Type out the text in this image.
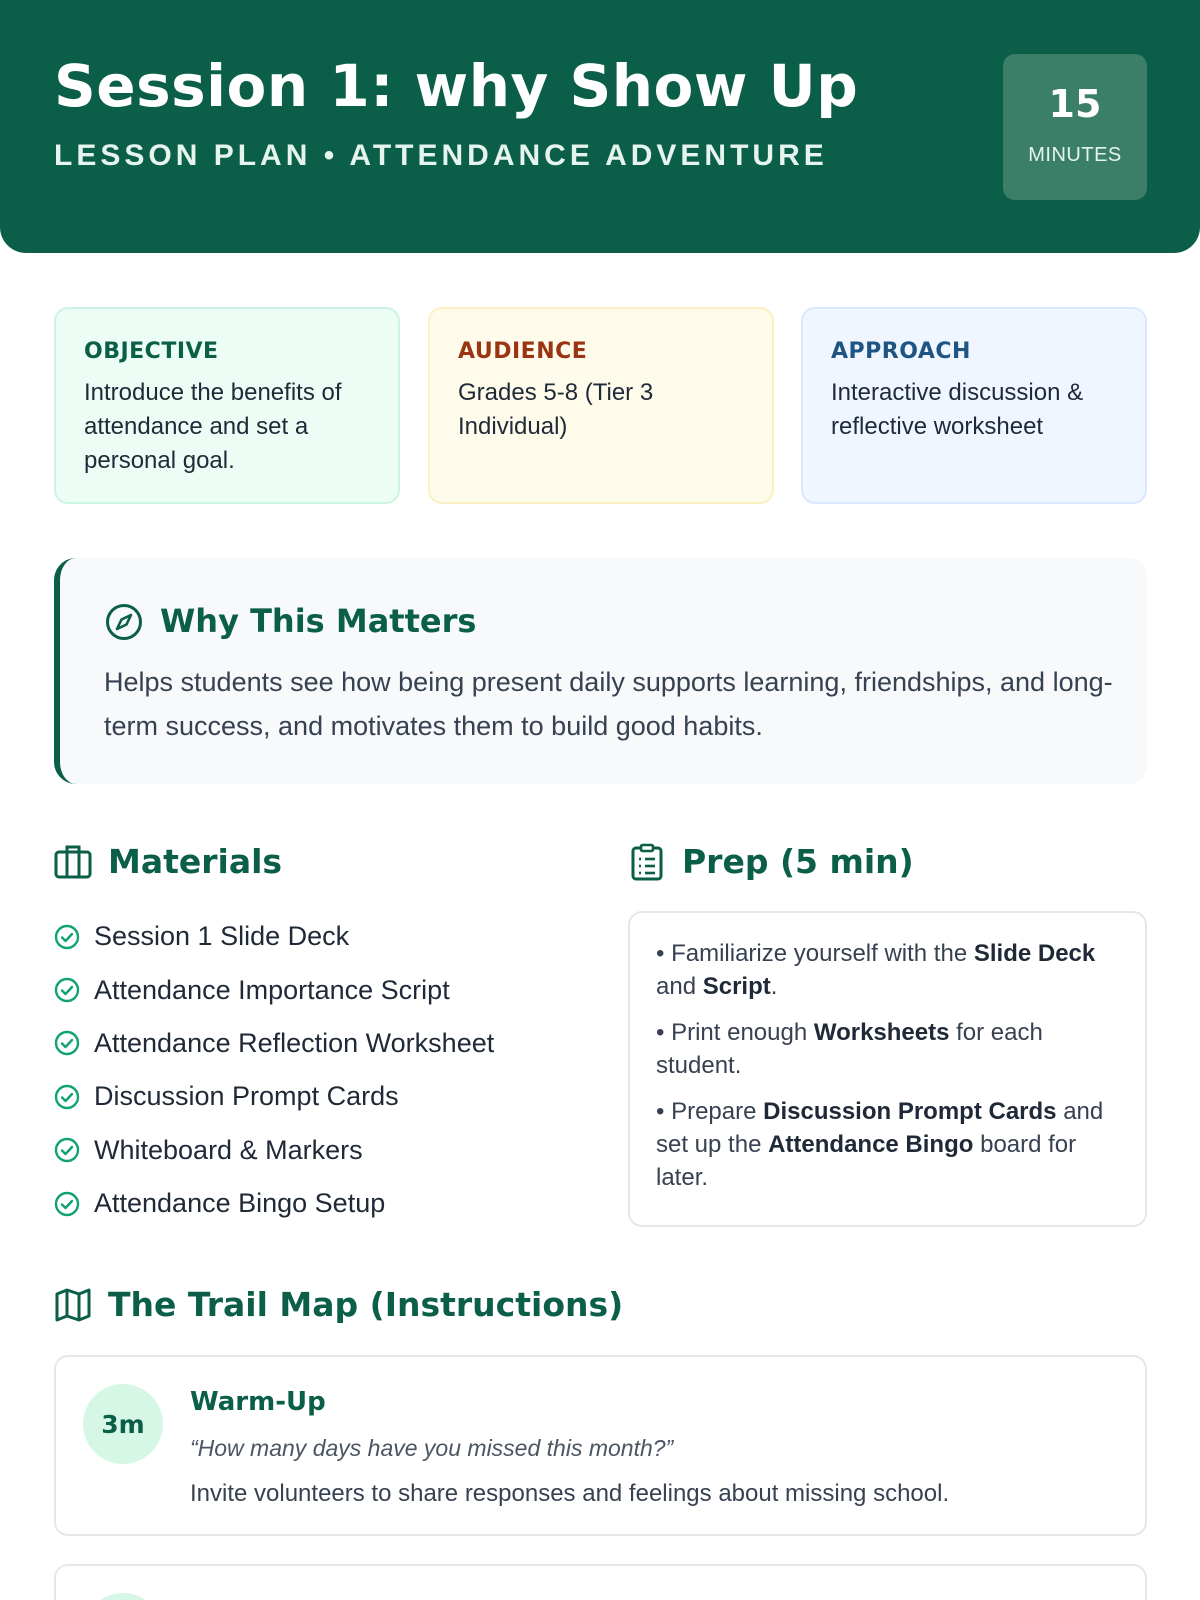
Session 1: why Show Up
LESSON PLAN • ATTENDANCE ADVENTURE
15
MINUTES
OBJECTIVE
Introduce the benefits of attendance and set a personal goal.
AUDIENCE
Grades 5-8 (Tier 3 Individual)
APPROACH
Interactive discussion & reflective worksheet
Why This Matters
Helps students see how being present daily supports learning, friendships, and long-term success, and motivates them to build good habits.
Materials
Session 1 Slide Deck
Attendance Importance Script
Attendance Reflection Worksheet
Discussion Prompt Cards
Whiteboard & Markers
Attendance Bingo Setup
Prep (5 min)

• Familiarize yourself with the Slide Deck and Script.

• Print enough Worksheets for each student.

• Prepare Discussion Prompt Cards and set up the Attendance Bingo board for later.

The Trail Map (Instructions)
3m
Warm-Up
“How many days have you missed this month?”
Invite volunteers to share responses and feelings about missing school.
